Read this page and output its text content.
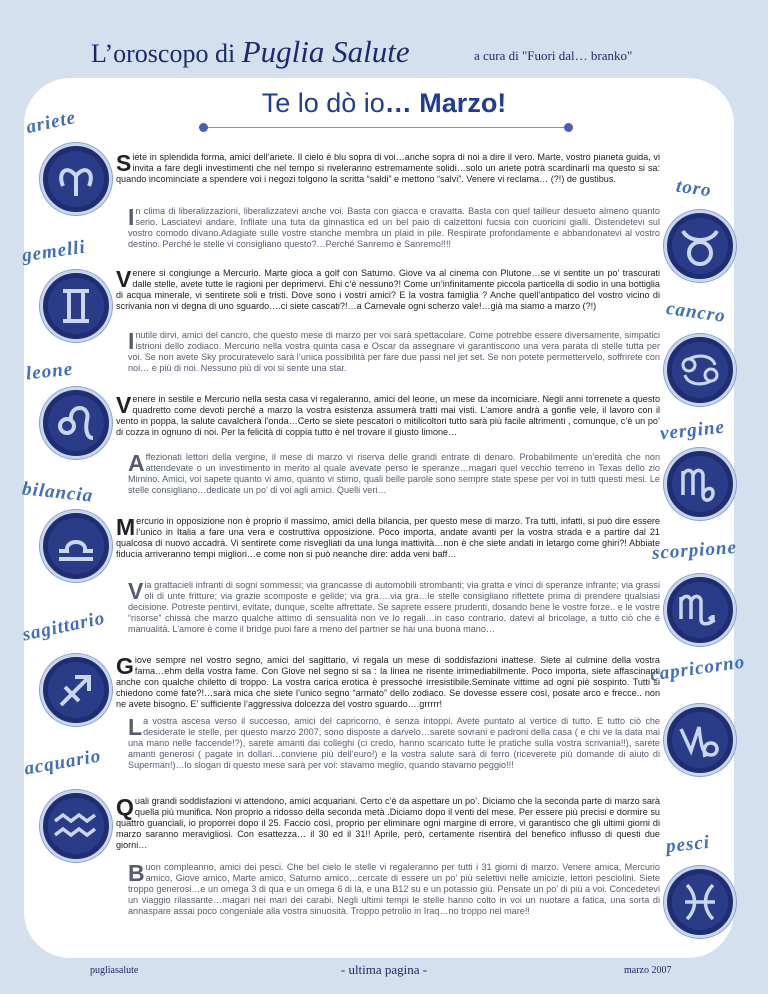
L’oroscopo di Puglia Salute	a cura di "Fuori dal… branko"
Te lo dò io… Marzo!
ariete
Siete in splendida forma, amici dell’ariete. Il cielo è blu sopra di voi…anche sopra di noi a dire il vero. Marte, vostro pianeta guida, vi invita a fare degli investimenti che nel tempo si riveleranno estremamente solidi…solo un ariete potrà scardinarli ma questo si sa: quando incominciate a spendere voi i negozi tolgono la scritta “saldi” e mettono “salvi”. Venere vi reclama… (?!) de gustibus.	toro
In clima di liberalizzazioni, liberalizzatevi anche voi. Basta con giacca e cravatta. Basta con quel tailleur desueto almeno quanto serio. Lasciatevi andare. Infilate una tuta da ginnastica ed un bel paio di calzettoni fucsia con cuoricini gialli. Distendetevi sul vostro comodo divano.Adagiate sulle vostre stanche membra un plaid in pile. Respirate profondamente e abbandonatevi al vostro destino. Perché le stelle vi consigliano questo?…Perché Sanremo è Sanremo!!!!
gemelli
Venere si congiunge a Mercurio. Marte gioca a golf con Saturno. Giove va al cinema con Plutone…se vi sentite un po’ trascurati dalle stelle, avete tutte le ragioni per deprimervi. Ehi c’è nessuno?! Come un’infinitamente piccola particella di sodio in una bottiglia di acqua minerale, vi sentirete soli e tristi. Dove sono i vostri amici? E la vostra famiglia ? Anche quell’antipatico del vostro vicino di scrivania non vi degna di uno sguardo….ci siete cascati?!…a Carnevale ogni scherzo vale!…già ma siamo a marzo (?!)	cancro
Inutile dirvi, amici del cancro, che questo mese di marzo per voi sarà spettacolare. Come potrebbe essere diversamente, simpatici istrioni dello zodiaco. Mercurio nella vostra quinta casa e Oscar da assegnare vi garantiscono una vera parata di stelle tutta per voi. Se non avete Sky procuratevelo sarà l’unica possibilità per fare due passi nel jet set. Se non potete permettervelo, soffrirete con noi… e più di noi. Nessuno più di voi si sente una star.
leone
Venere in sestile e Mercurio nella sesta casa vi regaleranno, amici del leone, un mese da incorniciare. Negli anni torrenete a questo quadretto come devoti perché a marzo la vostra esistenza assumerà tratti mai visti. L’amore andrà a gonfie vele, il lavoro con il vento in poppa, la salute cavalcherà l’onda…Certo se siete pescatori o mitilicoltori tutto sarà più facile altrimenti , comunque, c’è un po’ di cozza in ognuno di noi. Per la felicità di coppia tutto è nel trovare il giusto limone…	vergine
Affezionati lettori della vergine, il mese di marzo vi riserva delle grandi entrate di denaro. Probabilmente un’eredità che non attendevate o un investimento in merito al quale avevate perso le speranze…magari quel vecchio terreno in Texas dello zio Mimino. Amici, voi sapete quanto vi amo, quanto vi stimo, quali belle parole sono sempre state spese per voi in tutti questi mesi. Le stelle consigliano…dedicate un po’ di voi agli amici. Quelli veri…
bilancia
Mercurio in opposizione non è proprio il massimo, amici della bilancia, per questo mese di marzo. Tra tutti, infatti, si può dire essere l’unico in Italia a fare una vera e costruttiva opposizione. Poco importa, andate avanti per la vostra strada e a partire dal 21 qualcosa di nuovo accadrà. Vi sentirete come risvegliati da una lunga inattività…non è che siete andati in letargo come ghiri?! Abbiate fiducia arriveranno tempi migliori…e come non si può neanche dire: adda veni baff…	scorpione
Via grattacieli infranti di sogni sommessi; via grancasse di automobili strombanti; via gratta e vinci di speranze infrante; via grassi oli di unte fritture; via grazie scomposte e gelide; via gra….via gra…le stelle consigliano riflettete prima di prendere qualsiasi decisione. Potreste pentirvi, evitate, dunque, scelte affrettate. Se saprete essere prudenti, dosando bene le vostre forze.. e le vostre “risorse” chissà che marzo qualche attimo di sensualità non ve lo regali…in caso contrario, datevi al bricolage, a tutto ciò che è manualità. L’amore è come il bridge puoi fare a meno del partner se hai una buona mano…
sagittario
Giove sempre nel vostro segno, amici del sagittario, vi regala un mese di soddisfazioni inattese. Siete al culmine della vostra fama…ehm della vostra fame. Con Giove nel segno si sa : la linea ne risente irrimediabilmente. Poco importa, siete affascinanti anche con qualche chiletto di troppo. La vostra carica erotica è pressoché irresistibile.Seminate vittime ad ogni piè sospinto. Tutti si chiedono come fate?!…sarà mica che siete l’unico segno “armato” dello zodiaco. Se dovesse essere così, posate arco e frecce.. non ne avete bisogno. E’ sufficiente l’aggressiva dolcezza del vostro sguardo….grrrrr!
capricorno
La vostra ascesa verso il successo, amici del capricorno, è senza intoppi. Avete puntato al vertice di tutto. E tutto ciò che desiderate le stelle, per questo marzo 2007, sono disposte a darvelo…sarete sovrani e padroni della casa ( e chi ve la data mai una mano nelle faccende!?), sarete amanti dai colleghi (ci credo, hanno scaricato tutte le pratiche sulla vostra scrivania!!), sarete amanti generosi ( pagate in dollari…conviene più dell’euro!) e la vostra salute sarà di ferro (riceverete più domande di aiuto di Superman!)…lo slogan di questo mese sarà per voi: stavamo meglio, quando stavamo peggio!!!
acquario
Quali grandi soddisfazioni vi attendono, amici acquariani. Certo c’è da aspettare un po’. Diciamo che la seconda parte di marzo sarà quella più munifica. Non proprio a ridosso della seconda metà .Diciamo dopo il venti del mese. Per essere più precisi e dormire su quattro guanciali, io proporrei dopo il 25. Faccio così, proprio per eliminare ogni margine di errore, vi garantisco che gli ultimi giorni di marzo saranno meravigliosi. Con esattezza… il 30 ed il 31!! Aprile, però, certamente risentirà del benefico influsso di questi due giorni…	pesci
Buon compleanno, amici dei pesci. Che bel cielo le stelle vi regaleranno per tutti i 31 giorni di marzo. Venere amica, Mercurio amico, Giove amico, Marte amico, Saturno amico…cercate di essere un po’ più selettivi nelle amicizie, lettori pesciolini. Siete troppo generosi…e un omega 3 di qua e un omega 6 di là, e una B12 su e un potassio giù. Pensate un po’ di più a voi. Concedetevi un viaggio rilassante…magari nei mari dei carabi. Negli ultimi tempi le stelle hanno colto in voi un nuotare a fatica, una sorta di annaspare assai poco congeniale alla vostra sinuosità. Troppo petrolio in Iraq…no troppo nel mare!!
pugliasalute	- ultima pagina -	marzo 2007
